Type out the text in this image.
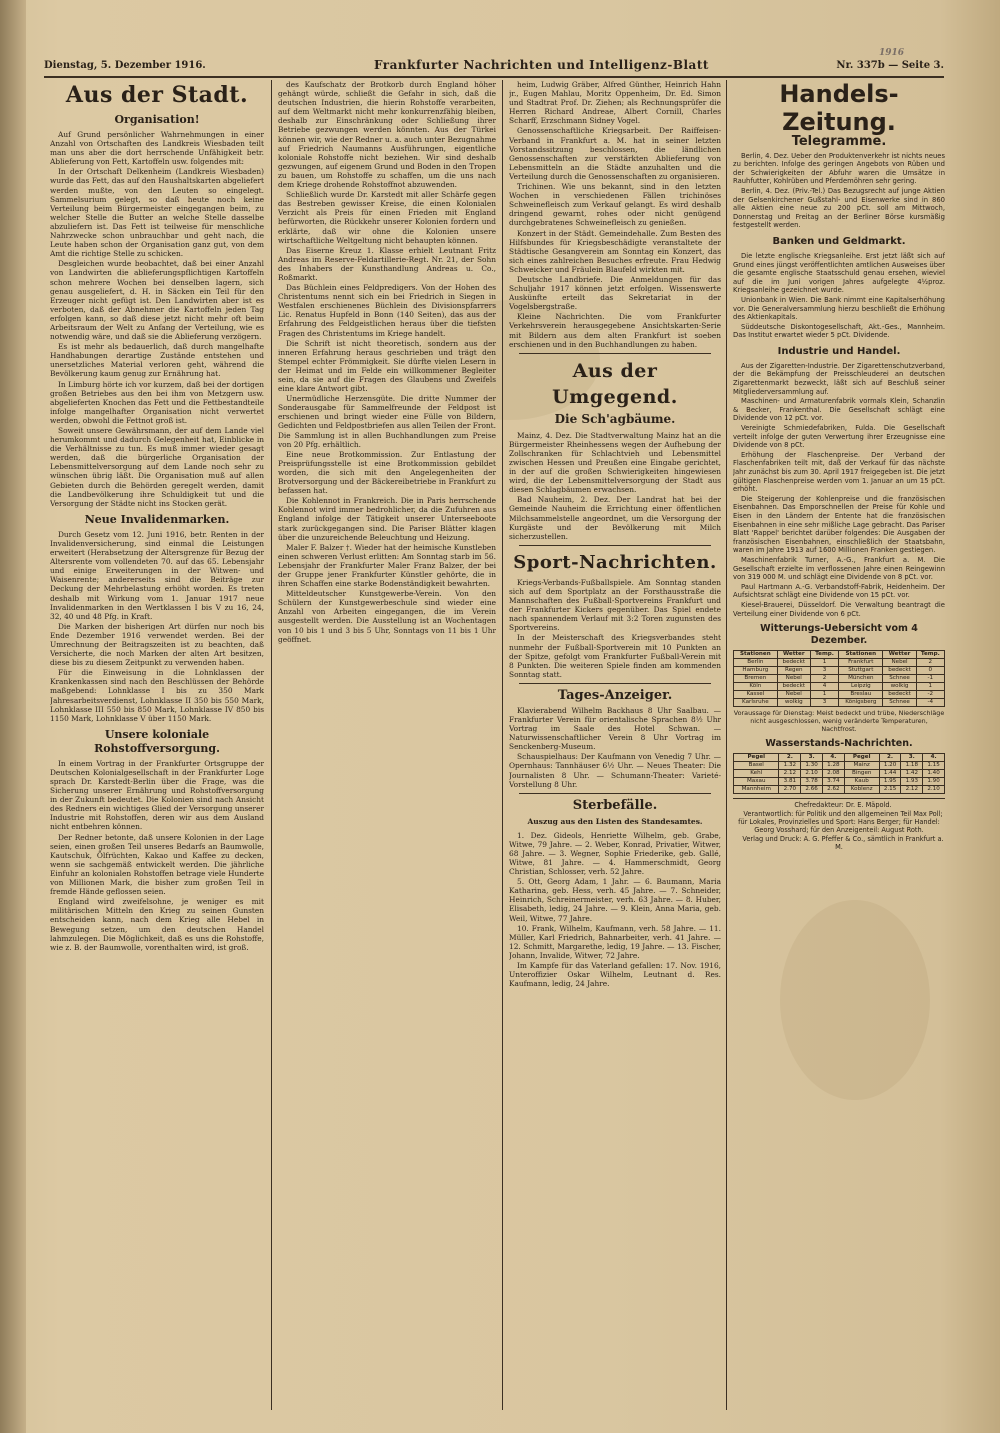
Dienstag, 5. Dezember 1916.	Frankfurter Nachrichten und Intelligenz-Blatt
1916
Nr. 337b — Seite 3.
Aus der Stadt.
Organisation!

Auf Grund persönlicher Wahrnehmungen in einer Anzahl von Ortschaften des Landkreis Wiesbaden teilt man uns aber die dort herrschende Unfähigkeit betr. Ablieferung von Fett, Kartoffeln usw. folgendes mit:

In der Ortschaft Delkenheim (Landkreis Wiesbaden) wurde das Fett, das auf den Haushaltskarten abgeliefert werden mußte, von den Leuten so eingelegt. Sammelsurium gelegt, so daß heute noch keine Verteilung beim Bürgermeister eingegangen beim, zu welcher Stelle die Butter an welche Stelle dasselbe abzuliefern ist. Das Fett ist teilweise für menschliche Nahrzwecke schon unbrauchbar und geht nach, die Leute haben schon der Organisation ganz gut, von dem Amt die richtige Stelle zu schicken.

Desgleichen wurde beobachtet, daß bei einer Anzahl von Landwirten die ablieferungspflichtigen Kartoffeln schon mehrere Wochen bei denselben lagern, sich genau ausgeliefert, d. H. in Säcken ein Teil für den Erzeuger nicht gefügt ist. Den Landwirten aber ist es verboten, daß der Abnehmer die Kartoffeln jeden Tag erfolgen kann, so daß diese jetzt nicht mehr oft beim Arbeitsraum der Welt zu Anfang der Verteilung, wie es notwendig wäre, und daß sie die Ablieferung verzögern.

Es ist mehr als bedauerlich, daß durch mangelhafte Handhabungen derartige Zustände entstehen und unersetzliches Material verloren geht, während die Bevölkerung kaum genug zur Ernährung hat.

In Limburg hörte ich vor kurzem, daß bei der dortigen großen Betriebes aus den bei ihm von Metzgern usw. abgelieferten Knochen das Fett und die Fettbestandteile infolge mangelhafter Organisation nicht verwertet werden, obwohl die Fettnot groß ist.

Soweit unsere Gewährsmann, der auf dem Lande viel herumkommt und dadurch Gelegenheit hat, Einblicke in die Verhältnisse zu tun. Es muß immer wieder gesagt werden, daß die bürgerliche Organisation der Lebensmittelversorgung auf dem Lande noch sehr zu wünschen übrig läßt. Die Organisation muß auf allen Gebieten durch die Behörden geregelt werden, damit die Landbevölkerung ihre Schuldigkeit tut und die Versorgung der Städte nicht ins Stocken gerät.

Neue Invalidenmarken.

Durch Gesetz vom 12. Juni 1916, betr. Renten in der Invalidenversicherung, sind einmal die Leistungen erweitert (Herabsetzung der Altersgrenze für Bezug der Altersrente vom vollendeten 70. auf das 65. Lebensjahr und einige Erweiterungen in der Witwen- und Waisenrente; andererseits sind die Beiträge zur Deckung der Mehrbelastung erhöht worden. Es treten deshalb mit Wirkung vom 1. Januar 1917 neue Invalidenmarken in den Wertklassen I bis V zu 16, 24, 32, 40 und 48 Pfg. in Kraft.

Die Marken der bisherigen Art dürfen nur noch bis Ende Dezember 1916 verwendet werden. Bei der Umrechnung der Beitragszeiten ist zu beachten, daß Versicherte, die noch Marken der alten Art besitzen, diese bis zu diesem Zeitpunkt zu verwenden haben.

Für die Einweisung in die Lohnklassen der Krankenkassen sind nach den Beschlüssen der Behörde maßgebend: Lohnklasse I bis zu 350 Mark Jahresarbeitsverdienst, Lohnklasse II 350 bis 550 Mark, Lohnklasse III 550 bis 850 Mark, Lohnklasse IV 850 bis 1150 Mark, Lohnklasse V über 1150 Mark.

Unsere koloniale Rohstoffversorgung.

In einem Vortrag in der Frankfurter Ortsgruppe der Deutschen Kolonialgesellschaft in der Frankfurter Loge sprach Dr. Karstedt-Berlin über die Frage, was die Sicherung unserer Ernährung und Rohstoffversorgung in der Zukunft bedeutet. Die Kolonien sind nach Ansicht des Redners ein wichtiges Glied der Versorgung unserer Industrie mit Rohstoffen, deren wir aus dem Ausland nicht entbehren können.

Der Redner betonte, daß unsere Kolonien in der Lage seien, einen großen Teil unseres Bedarfs an Baumwolle, Kautschuk, Ölfrüchten, Kakao und Kaffee zu decken, wenn sie sachgemäß entwickelt werden. Die jährliche Einfuhr an kolonialen Rohstoffen betrage viele Hunderte von Millionen Mark, die bisher zum großen Teil in fremde Hände geflossen seien.

England wird zweifelsohne, je weniger es mit militärischen Mitteln den Krieg zu seinen Gunsten entscheiden kann, nach dem Krieg alle Hebel in Bewegung setzen, um den deutschen Handel lahmzulegen. Die Möglichkeit, daß es uns die Rohstoffe, wie z. B. der Baumwolle, vorenthalten wird, ist groß.

des Kaufschatz der Brotkorb durch England höher gehängt würde, schließt die Gefahr in sich, daß die deutschen Industrien, die hierin Rohstoffe verarbeiten, auf dem Weltmarkt nicht mehr konkurrenzfähig bleiben, deshalb zur Einschränkung oder Schließung ihrer Betriebe gezwungen werden könnten. Aus der Türkei können wir, wie der Redner u. a. auch unter Bezugnahme auf Friedrich Naumanns Ausführungen, eigentliche koloniale Rohstoffe nicht beziehen. Wir sind deshalb gezwungen, auf eigenem Grund und Boden in den Tropen zu bauen, um Rohstoffe zu schaffen, um die uns nach dem Kriege drohende Rohstoffnot abzuwenden.

Schließlich wurde Dr. Karstedt mit aller Schärfe gegen das Bestreben gewisser Kreise, die einen Kolonialen Verzicht als Preis für einen Frieden mit England befürworten, die Rückkehr unserer Kolonien fordern und erklärte, daß wir ohne die Kolonien unsere wirtschaftliche Weltgeltung nicht behaupten können.

Das Eiserne Kreuz 1. Klasse erhielt Leutnant Fritz Andreas im Reserve-Feldartillerie-Regt. Nr. 21, der Sohn des Inhabers der Kunsthandlung Andreas u. Co., Roßmarkt.

Das Büchlein eines Feldpredigers. Von der Hohen des Christentums nennt sich ein bei Friedrich in Siegen in Westfalen erschienenes Büchlein des Divisionspfarrers Lic. Renatus Hupfeld in Bonn (140 Seiten), das aus der Erfahrung des Feldgeistlichen heraus über die tiefsten Fragen des Christentums im Kriege handelt.

Die Schrift ist nicht theoretisch, sondern aus der inneren Erfahrung heraus geschrieben und trägt den Stempel echter Frömmigkeit. Sie dürfte vielen Lesern in der Heimat und im Felde ein willkommener Begleiter sein, da sie auf die Fragen des Glaubens und Zweifels eine klare Antwort gibt.

Unermüdliche Herzensgüte. Die dritte Nummer der Sonderausgabe für Sammelfreunde der Feldpost ist erschienen und bringt wieder eine Fülle von Bildern, Gedichten und Feldpostbriefen aus allen Teilen der Front. Die Sammlung ist in allen Buchhandlungen zum Preise von 20 Pfg. erhältlich.

Eine neue Brotkommission. Zur Entlastung der Preisprüfungsstelle ist eine Brotkommission gebildet worden, die sich mit den Angelegenheiten der Brotversorgung und der Bäckereibetriebe in Frankfurt zu befassen hat.

Die Kohlennot in Frankreich. Die in Paris herrschende Kohlennot wird immer bedrohlicher, da die Zufuhren aus England infolge der Tätigkeit unserer Unterseeboote stark zurückgegangen sind. Die Pariser Blätter klagen über die unzureichende Beleuchtung und Heizung.

Maler F. Balzer †. Wieder hat der heimische Kunstleben einen schweren Verlust erlitten: Am Sonntag starb im 56. Lebensjahr der Frankfurter Maler Franz Balzer, der bei der Gruppe jener Frankfurter Künstler gehörte, die in ihren Schaffen eine starke Bodenständigkeit bewahrten.

Mitteldeutscher Kunstgewerbe-Verein. Von den Schülern der Kunstgewerbeschule sind wieder eine Anzahl von Arbeiten eingegangen, die im Verein ausgestellt werden. Die Ausstellung ist an Wochentagen von 10 bis 1 und 3 bis 5 Uhr, Sonntags von 11 bis 1 Uhr geöffnet.

heim, Ludwig Gräber, Alfred Günther, Heinrich Hahn jr., Eugen Mahlau, Moritz Oppenheim, Dr. Ed. Simon und Stadtrat Prof. Dr. Ziehen; als Rechnungsprüfer die Herren Richard Andreae, Albert Cornill, Charles Scharff, Erzschmann Sidney Vogel.

Genossenschaftliche Kriegsarbeit. Der Raiffeisen-Verband in Frankfurt a. M. hat in seiner letzten Vorstandssitzung beschlossen, die ländlichen Genossenschaften zur verstärkten Ablieferung von Lebensmitteln an die Städte anzuhalten und die Verteilung durch die Genossenschaften zu organisieren.

Trichinen. Wie uns bekannt, sind in den letzten Wochen in verschiedenen Fällen trichinöses Schweinefleisch zum Verkauf gelangt. Es wird deshalb dringend gewarnt, rohes oder nicht genügend durchgebratenes Schweinefleisch zu genießen.

Konzert in der Städt. Gemeindehalle. Zum Besten des Hilfsbundes für Kriegsbeschädigte veranstaltete der Städtische Gesangverein am Sonntag ein Konzert, das sich eines zahlreichen Besuches erfreute. Frau Hedwig Schweicker und Fräulein Blaufeld wirkten mit.

Deutsche Landbriefe. Die Anmeldungen für das Schuljahr 1917 können jetzt erfolgen. Wissenswerte Auskünfte erteilt das Sekretariat in der Vogelsbergstraße.

Kleine Nachrichten. Die vom Frankfurter Verkehrsverein herausgegebene Ansichtskarten-Serie mit Bildern aus dem alten Frankfurt ist soeben erschienen und in den Buchhandlungen zu haben.

Aus der Umgegend.
Die Sch'agbäume.

Mainz, 4. Dez. Die Stadtverwaltung Mainz hat an die Bürgermeister Rheinhessens wegen der Aufhebung der Zollschranken für Schlachtvieh und Lebensmittel zwischen Hessen und Preußen eine Eingabe gerichtet, in der auf die großen Schwierigkeiten hingewiesen wird, die der Lebensmittelversorgung der Stadt aus diesen Schlagbäumen erwachsen.

Bad Nauheim, 2. Dez. Der Landrat hat bei der Gemeinde Nauheim die Errichtung einer öffentlichen Milchsammelstelle angeordnet, um die Versorgung der Kurgäste und der Bevölkerung mit Milch sicherzustellen.

Sport-Nachrichten.

Kriegs-Verbands-Fußballspiele. Am Sonntag standen sich auf dem Sportplatz an der Forsthausstraße die Mannschaften des Fußball-Sportvereins Frankfurt und der Frankfurter Kickers gegenüber. Das Spiel endete nach spannendem Verlauf mit 3:2 Toren zugunsten des Sportvereins.

In der Meisterschaft des Kriegsverbandes steht nunmehr der Fußball-Sportverein mit 10 Punkten an der Spitze, gefolgt vom Frankfurter Fußball-Verein mit 8 Punkten. Die weiteren Spiele finden am kommenden Sonntag statt.

Tages-Anzeiger.

Klavierabend Wilhelm Backhaus 8 Uhr Saalbau. — Frankfurter Verein für orientalische Sprachen 8½ Uhr Vortrag im Saale des Hotel Schwan. — Naturwissenschaftlicher Verein 8 Uhr Vortrag im Senckenberg-Museum.

Schauspielhaus: Der Kaufmann von Venedig 7 Uhr. — Opernhaus: Tannhäuser 6½ Uhr. — Neues Theater: Die Journalisten 8 Uhr. — Schumann-Theater: Varieté-Vorstellung 8 Uhr.

Sterbefälle.
Auszug aus den Listen des Standesamtes.

1. Dez. Gideols, Henriette Wilhelm, geb. Grabe, Witwe, 79 Jahre. — 2. Weber, Konrad, Privatier, Witwer, 68 Jahre. — 3. Wegner, Sophie Friederike, geb. Gallé, Witwe, 81 Jahre. — 4. Hammerschmidt, Georg Christian, Schlosser, verh. 52 Jahre.

5. Ott, Georg Adam, 1 Jahr. — 6. Baumann, Maria Katharina, geb. Hess, verh. 45 Jahre. — 7. Schneider, Heinrich, Schreinermeister, verh. 63 Jahre. — 8. Huber, Elisabeth, ledig, 24 Jahre. — 9. Klein, Anna Maria, geb. Weil, Witwe, 77 Jahre.

10. Frank, Wilhelm, Kaufmann, verh. 58 Jahre. — 11. Müller, Karl Friedrich, Bahnarbeiter, verh. 41 Jahre. — 12. Schmitt, Margarethe, ledig, 19 Jahre. — 13. Fischer, Johann, Invalide, Witwer, 72 Jahre.

Im Kampfe für das Vaterland gefallen: 17. Nov. 1916, Unteroffizier Oskar Wilhelm, Leutnant d. Res. Kaufmann, ledig, 24 Jahre.

Handels-Zeitung.
Telegramme.

Berlin, 4. Dez. Ueber den Produktenverkehr ist nichts neues zu berichten. Infolge des geringen Angebots von Rüben und der Schwierigkeiten der Abfuhr waren die Umsätze in Rauhfutter, Kohlrüben und Pferdemöhren sehr gering.

Berlin, 4. Dez. (Priv.-Tel.) Das Bezugsrecht auf junge Aktien der Gelsenkirchener Gußstahl- und Eisenwerke sind in 860 alle Aktien eine neue zu 200 pCt. soll am Mittwoch, Donnerstag und Freitag an der Berliner Börse kursmäßig festgestellt werden.

Banken und Geldmarkt.

Die letzte englische Kriegsanleihe. Erst jetzt läßt sich auf Grund eines jüngst veröffentlichten amtlichen Ausweises über die gesamte englische Staatsschuld genau ersehen, wieviel auf die im Juni vorigen Jahres aufgelegte 4½proz. Kriegsanleihe gezeichnet wurde.

Unionbank in Wien. Die Bank nimmt eine Kapitalserhöhung vor. Die Generalversammlung hierzu beschließt die Erhöhung des Aktienkapitals.

Süddeutsche Diskontogesellschaft, Akt.-Ges., Mannheim. Das Institut erwartet wieder 5 pCt. Dividende.

Industrie und Handel.

Aus der Zigaretten-Industrie. Der Zigarettenschutzverband, der die Bekämpfung der Preisschleuderei an deutschen Zigarettenmarkt bezweckt, läßt sich auf Beschluß seiner Mitgliederversammlung auf.

Maschinen- und Armaturenfabrik vormals Klein, Schanzlin & Becker, Frankenthal. Die Gesellschaft schlägt eine Dividende von 12 pCt. vor.

Vereinigte Schmiedefabriken, Fulda. Die Gesellschaft verteilt infolge der guten Verwertung ihrer Erzeugnisse eine Dividende von 8 pCt.

Erhöhung der Flaschenpreise. Der Verband der Flaschenfabriken teilt mit, daß der Verkauf für das nächste Jahr zunächst bis zum 30. April 1917 freigegeben ist. Die jetzt gültigen Flaschenpreise werden vom 1. Januar an um 15 pCt. erhöht.

Die Steigerung der Kohlenpreise und die französischen Eisenbahnen. Das Emporschnellen der Preise für Kohle und Eisen in den Ländern der Entente hat die französischen Eisenbahnen in eine sehr mißliche Lage gebracht. Das Pariser Blatt 'Rappel' berichtet darüber folgendes: Die Ausgaben der französischen Eisenbahnen, einschließlich der Staatsbahn, waren im Jahre 1913 auf 1600 Millionen Franken gestiegen.

Maschinenfabrik Turner, A.-G., Frankfurt a. M. Die Gesellschaft erzielte im verflossenen Jahre einen Reingewinn von 319 000 M. und schlägt eine Dividende von 8 pCt. vor.

Paul Hartmann A.-G. Verbandstoff-Fabrik, Heidenheim. Der Aufsichtsrat schlägt eine Dividende von 15 pCt. vor.

Kiesel-Brauerei, Düsseldorf. Die Verwaltung beantragt die Verteilung einer Dividende von 6 pCt.

Witterungs-Uebersicht vom 4 Dezember.
Stationen	Wetter	Temp.	Stationen	Wetter	Temp.
Berlin	bedeckt	1	Frankfurt	Nebel	2
Hamburg	Regen	3	Stuttgart	bedeckt	0
Bremen	Nebel	2	München	Schnee	-1
Köln	bedeckt	4	Leipzig	wolkig	1
Kassel	Nebel	1	Breslau	bedeckt	-2
Karlsruhe	wolkig	3	Königsberg	Schnee	-4
Voraussage für Dienstag: Meist bedeckt und trübe, Niederschläge nicht ausgeschlossen, wenig veränderte Temperaturen, Nachtfrost.
Wasserstands-Nachrichten.
Pegel	2.	3.	4.	Pegel	2.	3.	4.
Basel	1.32	1.30	1.28	Mainz	1.20	1.18	1.15
Kehl	2.12	2.10	2.08	Bingen	1.44	1.42	1.40
Maxau	3.81	3.78	3.74	Kaub	1.95	1.93	1.90
Mannheim	2.70	2.66	2.62	Koblenz	2.15	2.12	2.10

Chefredakteur: Dr. E. Mäpold.

Verantwortlich: für Politik und den allgemeinen Teil Max Poll; für Lokales, Provinzielles und Sport: Hans Berger; für Handel: Georg Vosshard; für den Anzeigenteil: August Roth.

Verlag und Druck: A. G. Pfeffer & Co., sämtlich in Frankfurt a. M.
